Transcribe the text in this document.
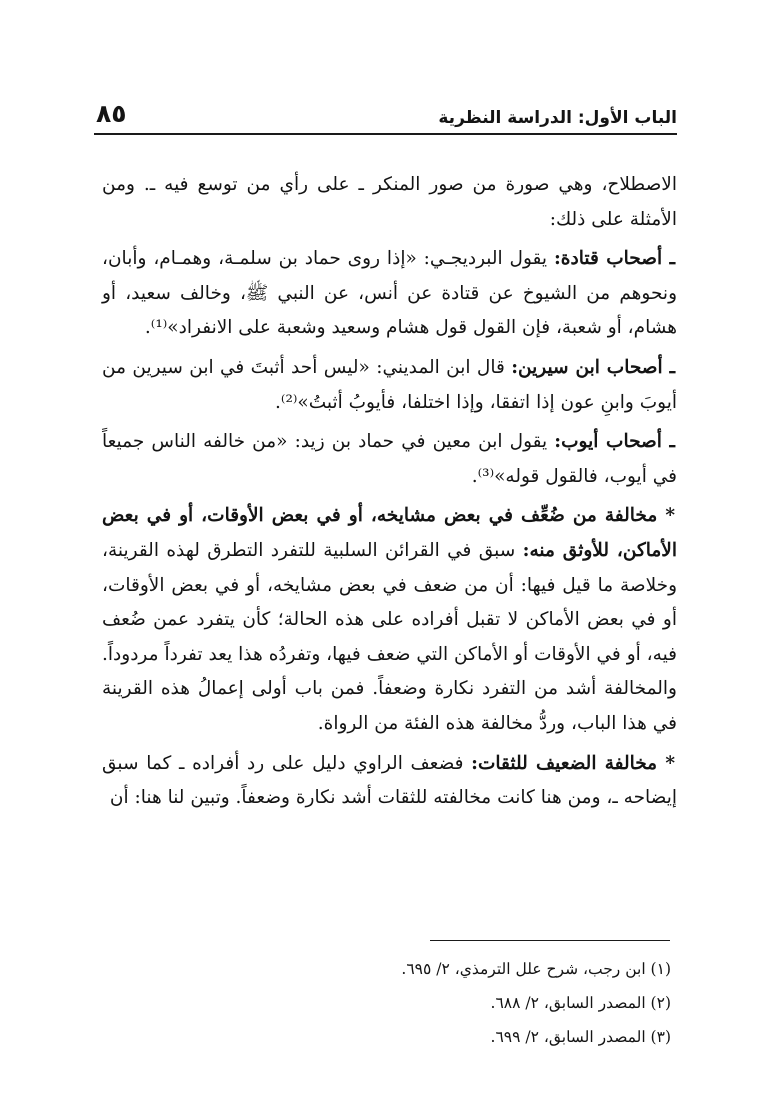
الباب الأول: الدراسة النظرية
٨٥

الاصطلاح، وهي صورة من صور المنكر ـ على رأي من توسع فيه ـ. ومن الأمثلة على ذلك:

ـ أصحاب قتادة: يقول البرديجـي: «إذا روى حماد بن سلمـة، وهمـام، وأبان، ونحوهم من الشيوخ عن قتادة عن أنس، عن النبي ﷺ، وخالف سعيد، أو هشام، أو شعبة، فإن القول قول هشام وسعيد وشعبة على الانفراد»⁽¹⁾.

ـ أصحاب ابن سيرين: قال ابن المديني: «ليس أحد أثبتَ في ابن سيرين من أيوبَ وابنِ عون إذا اتفقا، وإذا اختلفا، فأيوبُ أثبتُ»⁽²⁾.

ـ أصحاب أيوب: يقول ابن معين في حماد بن زيد: «من خالفه الناس جميعاً في أيوب، فالقول قوله»⁽³⁾.

* مخالفة من ضُعِّف في بعض مشايخه، أو في بعض الأوقات، أو في بعض الأماكن، للأوثق منه: سبق في القرائن السلبية للتفرد التطرق لهذه القرينة، وخلاصة ما قيل فيها: أن من ضعف في بعض مشايخه، أو في بعض الأوقات، أو في بعض الأماكن لا تقبل أفراده على هذه الحالة؛ كأن يتفرد عمن ضُعف فيه، أو في الأوقات أو الأماكن التي ضعف فيها، وتفردُه هذا يعد تفرداً مردوداً. والمخالفة أشد من التفرد نكارة وضعفاً. فمن باب أولى إعمالُ هذه القرينة في هذا الباب، وردُّ مخالفة هذه الفئة من الرواة.

* مخالفة الضعيف للثقات: فضعف الراوي دليل على رد أفراده ـ كما سبق إيضاحه ـ، ومن هنا كانت مخالفته للثقات أشد نكارة وضعفاً. وتبين لنا هنا: أن

(١) ابن رجب، شرح علل الترمذي، ٢/ ٦٩٥.
(٢) المصدر السابق، ٢/ ٦٨٨.
(٣) المصدر السابق، ٢/ ٦٩٩.
